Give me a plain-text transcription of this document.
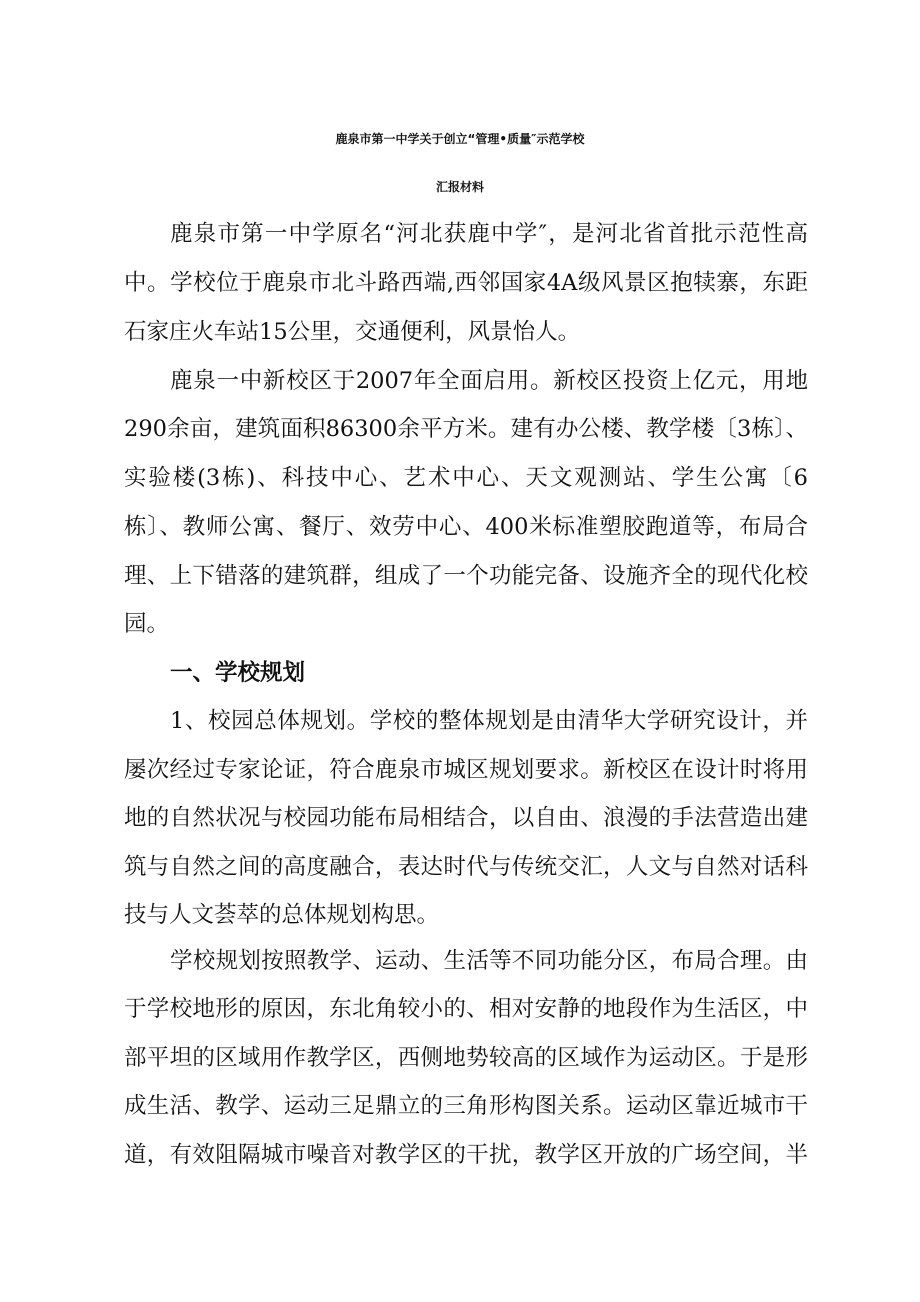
鹿泉市第一中学关于创立“管理•质量″示范学校
汇报材料
鹿泉市第一中学原名“河北获鹿中学″，是河北省首批示范性高
中。学校位于鹿泉市北斗路西端,西邻国家4A级风景区抱犊寨，东距
石家庄火车站15公里，交通便利，风景怡人。
鹿泉一中新校区于2007年全面启用。新校区投资上亿元，用地
290余亩，建筑面积86300余平方米。建有办公楼、教学楼〔3栋〕、
实验楼(3栋)、科技中心、艺术中心、天文观测站、学生公寓〔6
栋〕、教师公寓、餐厅、效劳中心、400米标准塑胶跑道等，布局合
理、上下错落的建筑群，组成了一个功能完备、设施齐全的现代化校
园。
一、学校规划
1、校园总体规划。学校的整体规划是由清华大学研究设计，并
屡次经过专家论证，符合鹿泉市城区规划要求。新校区在设计时将用
地的自然状况与校园功能布局相结合，以自由、浪漫的手法营造出建
筑与自然之间的高度融合，表达时代与传统交汇，人文与自然对话科
技与人文荟萃的总体规划构思。
学校规划按照教学、运动、生活等不同功能分区，布局合理。由
于学校地形的原因，东北角较小的、相对安静的地段作为生活区，中
部平坦的区域用作教学区，西侧地势较高的区域作为运动区。于是形
成生活、教学、运动三足鼎立的三角形构图关系。运动区靠近城市干
道，有效阻隔城市噪音对教学区的干扰，教学区开放的广场空间，半
